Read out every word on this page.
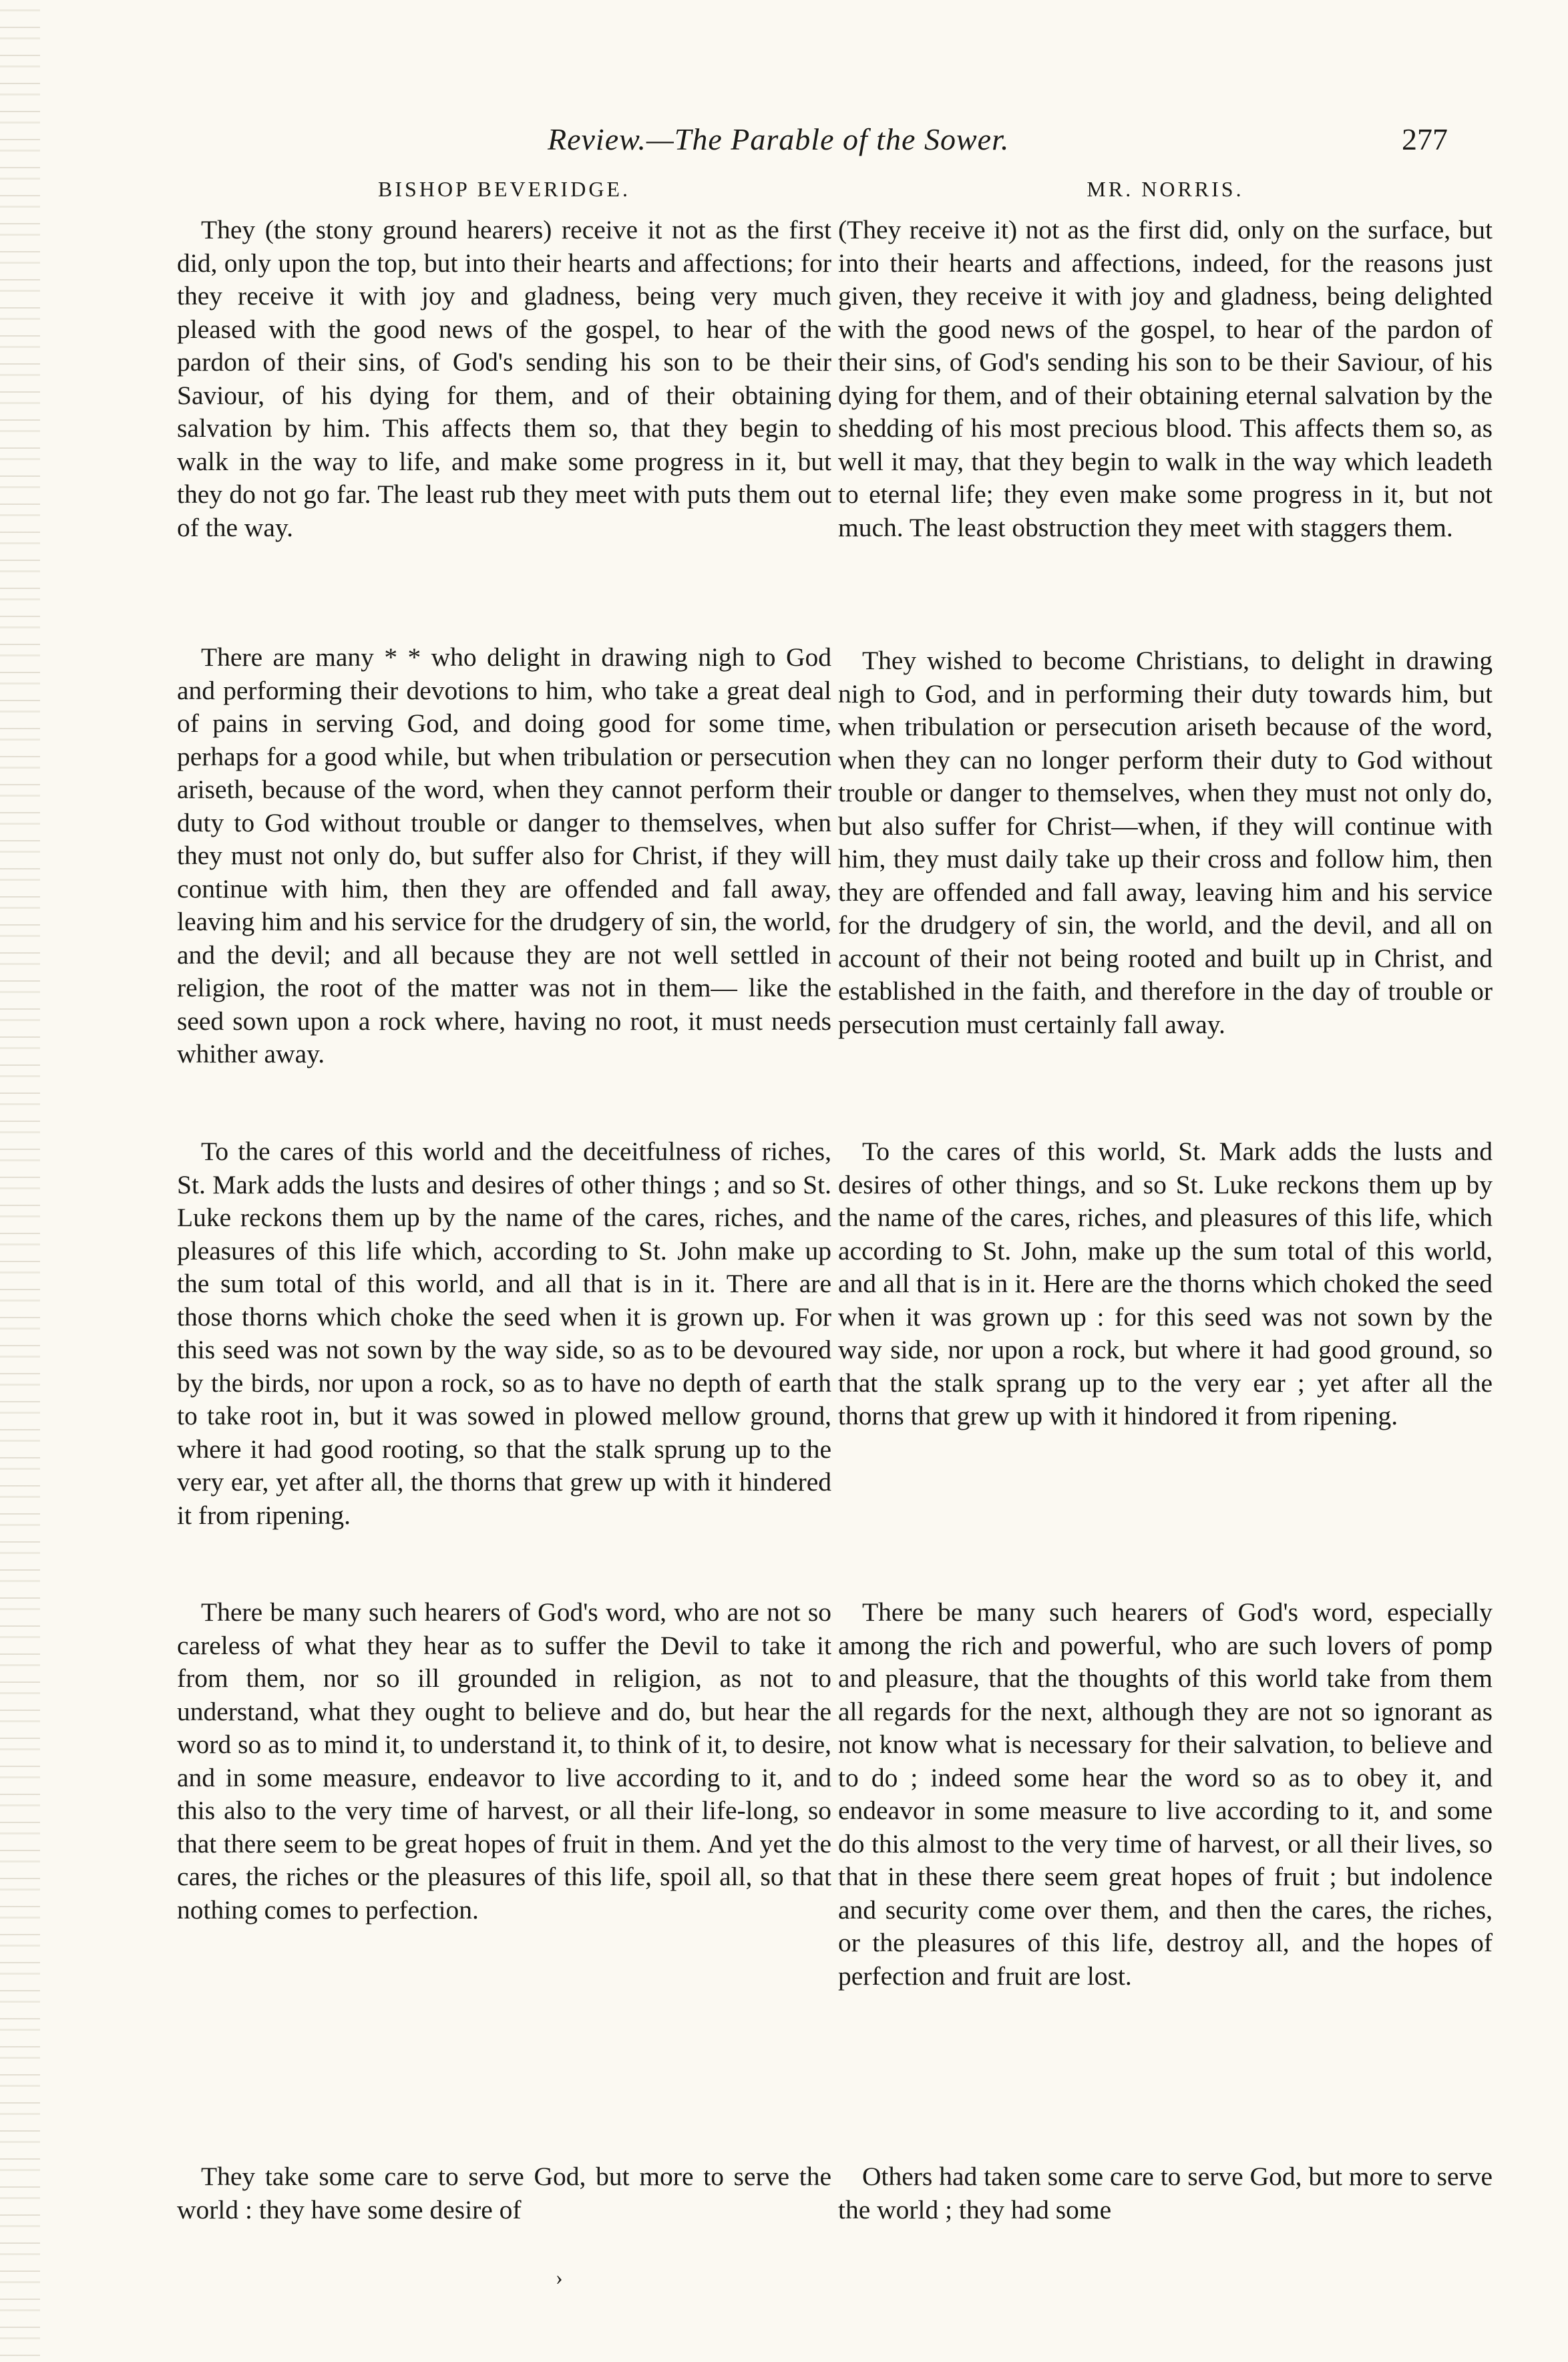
Review.—The Parable of the Sower.	277
BISHOP BEVERIDGE.

They (the stony ground hearers) receive it not as the first did, only upon the top, but into their hearts and affections; for they receive it with joy and gladness, being very much pleased with the good news of the gospel, to hear of the pardon of their sins, of God's sending his son to be their Saviour, of his dying for them, and of their obtaining salvation by him. This affects them so, that they begin to walk in the way to life, and make some progress in it, but they do not go far. The least rub they meet with puts them out of the way.

There are many * * who delight in drawing nigh to God and performing their devotions to him, who take a great deal of pains in serving God, and doing good for some time, perhaps for a good while, but when tribulation or persecution ariseth, because of the word, when they cannot perform their duty to God without trouble or danger to themselves, when they must not only do, but suffer also for Christ, if they will continue with him, then they are offended and fall away, leaving him and his service for the drudgery of sin, the world, and the devil; and all because they are not well settled in religion, the root of the matter was not in them— like the seed sown upon a rock where, having no root, it must needs whither away.

To the cares of this world and the deceitfulness of riches, St. Mark adds the lusts and desires of other things ; and so St. Luke reckons them up by the name of the cares, riches, and pleasures of this life which, according to St. John make up the sum total of this world, and all that is in it. There are those thorns which choke the seed when it is grown up. For this seed was not sown by the way side, so as to be devoured by the birds, nor upon a rock, so as to have no depth of earth to take root in, but it was sowed in plowed mellow ground, where it had good rooting, so that the stalk sprung up to the very ear, yet after all, the thorns that grew up with it hindered it from ripening.

There be many such hearers of God's word, who are not so careless of what they hear as to suffer the Devil to take it from them, nor so ill grounded in religion, as not to understand, what they ought to believe and do, but hear the word so as to mind it, to understand it, to think of it, to desire, and in some measure, endeavor to live according to it, and this also to the very time of harvest, or all their life-long, so that there seem to be great hopes of fruit in them. And yet the cares, the riches or the pleasures of this life, spoil all, so that nothing comes to perfection.

They take some care to serve God, but more to serve the world : they have some desire of

MR. NORRIS.

(They receive it) not as the first did, only on the surface, but into their hearts and affections, indeed, for the reasons just given, they receive it with joy and gladness, being delighted with the good news of the gospel, to hear of the pardon of their sins, of God's sending his son to be their Saviour, of his dying for them, and of their obtaining eternal salvation by the shedding of his most precious blood. This affects them so, as well it may, that they begin to walk in the way which leadeth to eternal life; they even make some progress in it, but not much. The least obstruction they meet with staggers them.

They wished to become Christians, to delight in drawing nigh to God, and in performing their duty towards him, but when tribulation or persecution ariseth because of the word, when they can no longer perform their duty to God without trouble or danger to themselves, when they must not only do, but also suffer for Christ—when, if they will continue with him, they must daily take up their cross and follow him, then they are offended and fall away, leaving him and his service for the drudgery of sin, the world, and the devil, and all on account of their not being rooted and built up in Christ, and established in the faith, and therefore in the day of trouble or persecution must certainly fall away.

To the cares of this world, St. Mark adds the lusts and desires of other things, and so St. Luke reckons them up by the name of the cares, riches, and pleasures of this life, which according to St. John, make up the sum total of this world, and all that is in it. Here are the thorns which choked the seed when it was grown up : for this seed was not sown by the way side, nor upon a rock, but where it had good ground, so that the stalk sprang up to the very ear ; yet after all the thorns that grew up with it hindored it from ripening.

There be many such hearers of God's word, especially among the rich and powerful, who are such lovers of pomp and pleasure, that the thoughts of this world take from them all regards for the next, although they are not so ignorant as not know what is necessary for their salvation, to believe and to do ; indeed some hear the word so as to obey it, and endeavor in some measure to live according to it, and some do this almost to the very time of harvest, or all their lives, so that in these there seem great hopes of fruit ; but indolence and security come over them, and then the cares, the riches, or the pleasures of this life, destroy all, and the hopes of perfection and fruit are lost.

Others had taken some care to serve God, but more to serve the world ; they had some

›
